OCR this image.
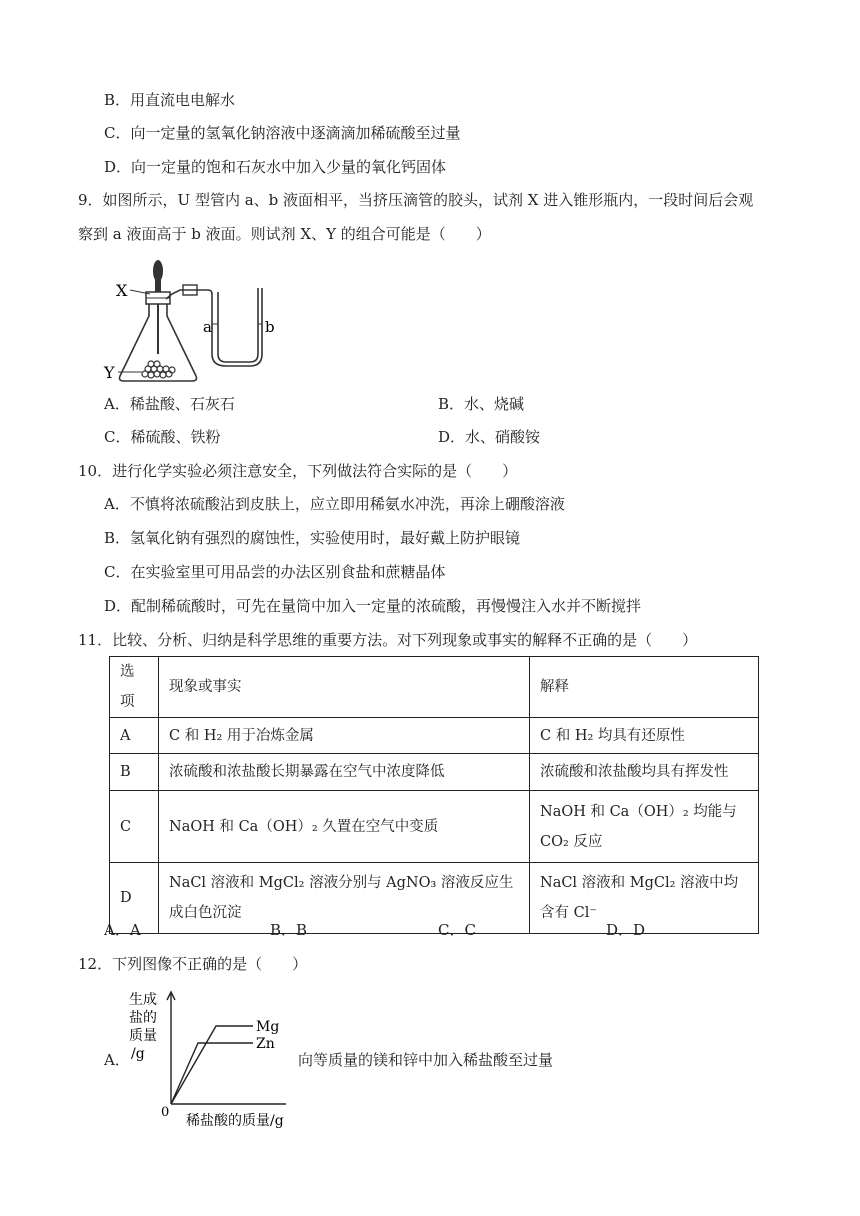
B．用直流电电解水
C．向一定量的氢氧化钠溶液中逐滴滴加稀硫酸至过量
D．向一定量的饱和石灰水中加入少量的氧化钙固体
9．如图所示，U 型管内 a、b 液面相平，当挤压滴管的胶头，试剂 X 进入锥形瓶内，一段时间后会观
察到 a 液面高于 b 液面。则试剂 X、Y 的组合可能是（　　）
X
Y
a	b
A．稀盐酸、石灰石	B．水、烧碱
C．稀硫酸、铁粉	D．水、硝酸铵
10．进行化学实验必须注意安全，下列做法符合实际的是（　　）
A．不慎将浓硫酸沾到皮肤上，应立即用稀氨水冲洗，再涂上硼酸溶液
B．氢氧化钠有强烈的腐蚀性，实验使用时，最好戴上防护眼镜
C．在实验室里可用品尝的办法区别食盐和蔗糖晶体
D．配制稀硫酸时，可先在量筒中加入一定量的浓硫酸，再慢慢注入水并不断搅拌
11．比较、分析、归纳是科学思维的重要方法。对下列现象或事实的解释不正确的是（　　）
选项	现象或事实	解释
A	C 和 H₂ 用于冶炼金属	C 和 H₂ 均具有还原性
B	浓硫酸和浓盐酸长期暴露在空气中浓度降低	浓硫酸和浓盐酸均具有挥发性
C	NaOH 和 Ca（OH）₂ 久置在空气中变质	NaOH 和 Ca（OH）₂ 均能与 CO₂ 反应
D	NaCl 溶液和 MgCl₂ 溶液分别与 AgNO₃ 溶液反应生成白色沉淀	NaCl 溶液和 MgCl₂ 溶液中均含有 Cl⁻
A．A	B．B	C．C	D．D
12．下列图像不正确的是（　　）
A．
生成
盐的
质量
/g
0
Mg
Zn
稀盐酸的质量/g
向等质量的镁和锌中加入稀盐酸至过量
